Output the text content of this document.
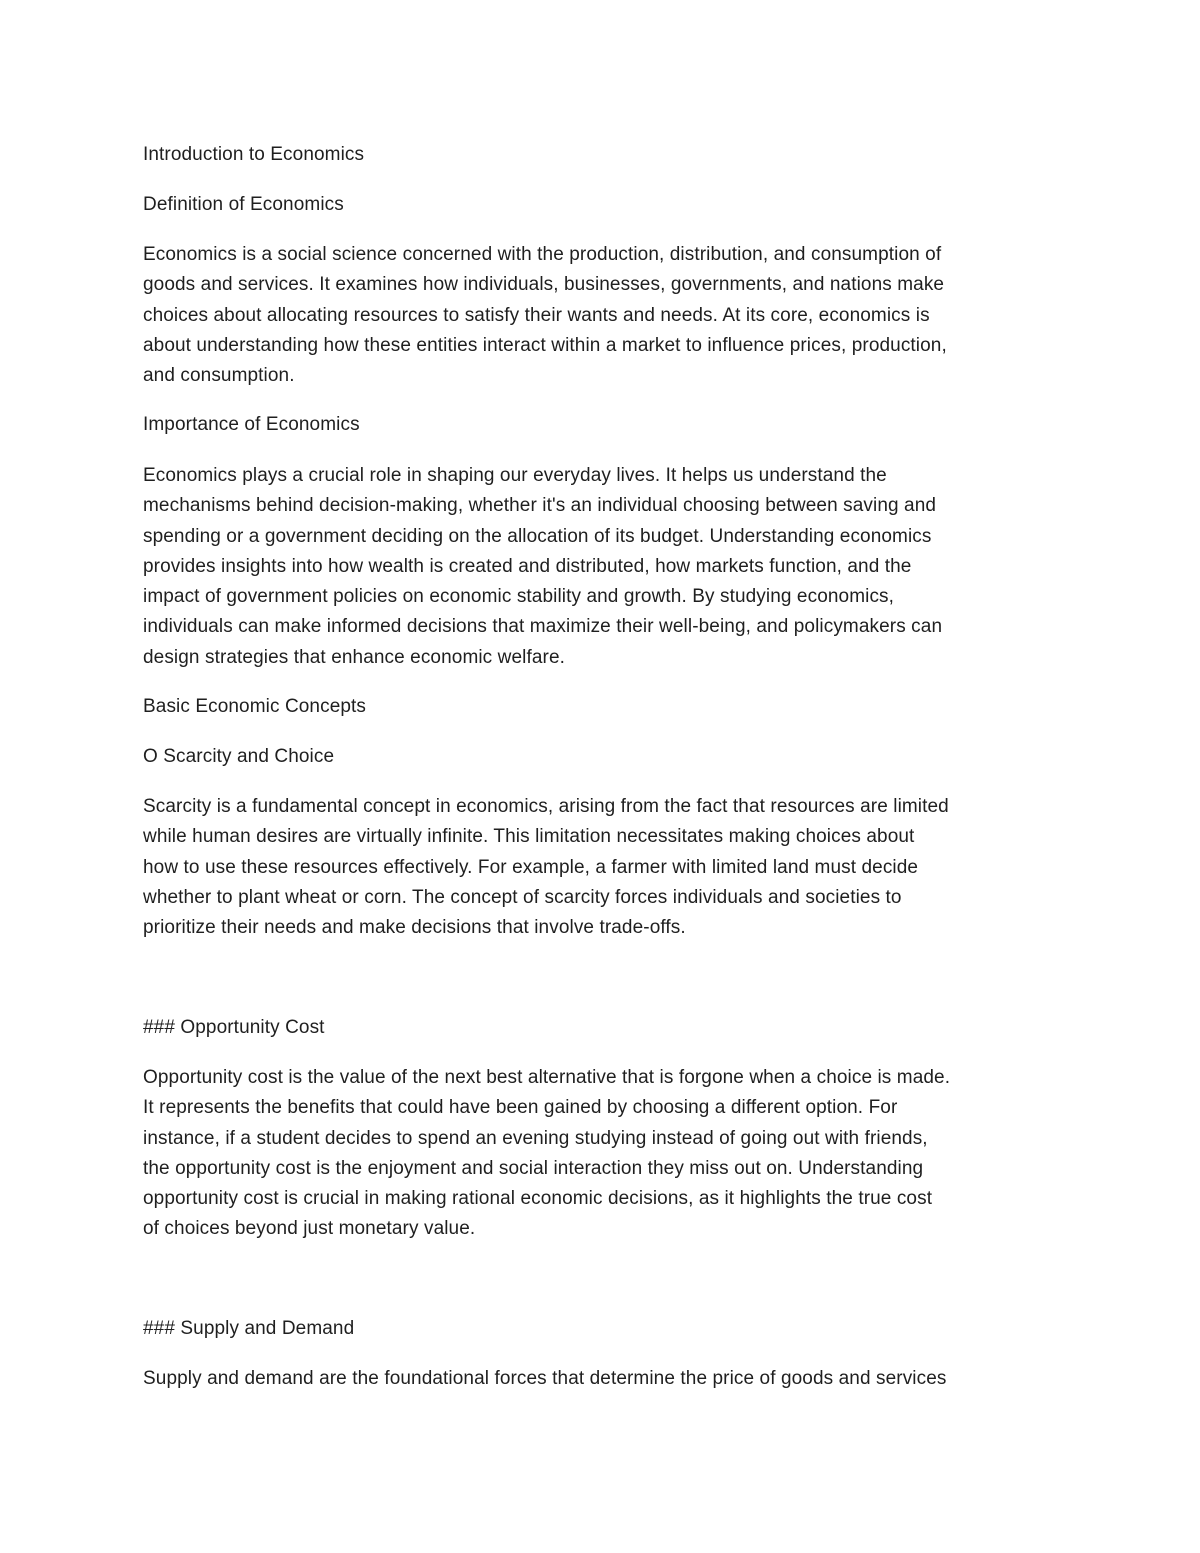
Introduction to Economics
Definition of Economics
Economics is a social science concerned with the production, distribution, and consumption of
goods and services. It examines how individuals, businesses, governments, and nations make
choices about allocating resources to satisfy their wants and needs. At its core, economics is
about understanding how these entities interact within a market to influence prices, production,
and consumption.
Importance of Economics
Economics plays a crucial role in shaping our everyday lives. It helps us understand the
mechanisms behind decision-making, whether it's an individual choosing between saving and
spending or a government deciding on the allocation of its budget. Understanding economics
provides insights into how wealth is created and distributed, how markets function, and the
impact of government policies on economic stability and growth. By studying economics,
individuals can make informed decisions that maximize their well-being, and policymakers can
design strategies that enhance economic welfare.
Basic Economic Concepts
O Scarcity and Choice
Scarcity is a fundamental concept in economics, arising from the fact that resources are limited
while human desires are virtually infinite. This limitation necessitates making choices about
how to use these resources effectively. For example, a farmer with limited land must decide
whether to plant wheat or corn. The concept of scarcity forces individuals and societies to
prioritize their needs and make decisions that involve trade-offs.
### Opportunity Cost
Opportunity cost is the value of the next best alternative that is forgone when a choice is made.
It represents the benefits that could have been gained by choosing a different option. For
instance, if a student decides to spend an evening studying instead of going out with friends,
the opportunity cost is the enjoyment and social interaction they miss out on. Understanding
opportunity cost is crucial in making rational economic decisions, as it highlights the true cost
of choices beyond just monetary value.
### Supply and Demand
Supply and demand are the foundational forces that determine the price of goods and services
